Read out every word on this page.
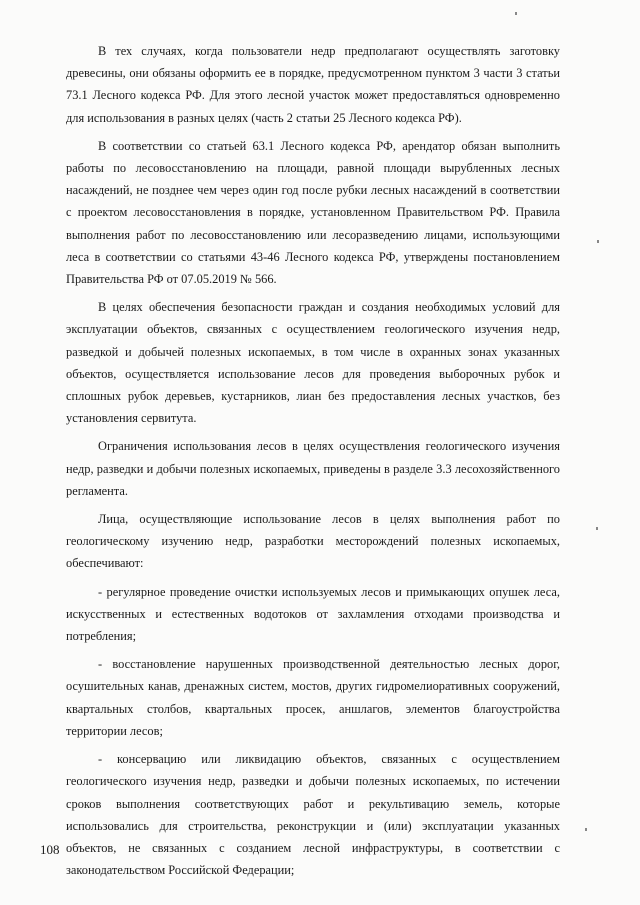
В тех случаях, когда пользователи недр предполагают осуществлять заготовку древесины, они обязаны оформить ее в порядке, предусмотренном пунктом 3 части 3 статьи 73.1 Лесного кодекса РФ. Для этого лесной участок может предоставляться одновременно для использования в разных целях (часть 2 статьи 25 Лесного кодекса РФ).

В соответствии со статьей 63.1 Лесного кодекса РФ, арендатор обязан выполнить работы по лесовосстановлению на площади, равной площади вырубленных лесных насаждений, не позднее чем через один год после рубки лесных насаждений в соответствии с проектом лесовосстановления в порядке, установленном Правительством РФ. Правила выполнения работ по лесовосстановлению или лесоразведению лицами, использующими леса в соответствии со статьями 43-46 Лесного кодекса РФ, утверждены постановлением Правительства РФ от 07.05.2019 № 566.

В целях обеспечения безопасности граждан и создания необходимых условий для эксплуатации объектов, связанных с осуществлением геологического изучения недр, разведкой и добычей полезных ископаемых, в том числе в охранных зонах указанных объектов, осуществляется использование лесов для проведения выборочных рубок и сплошных рубок деревьев, кустарников, лиан без предоставления лесных участков, без установления сервитута.

Ограничения использования лесов в целях осуществления геологического изучения недр, разведки и добычи полезных ископаемых, приведены в разделе 3.3 лесохозяйственного регламента.

Лица, осуществляющие использование лесов в целях выполнения работ по геологическому изучению недр, разработки месторождений полезных ископаемых, обеспечивают:

- регулярное проведение очистки используемых лесов и примыкающих опушек леса, искусственных и естественных водотоков от захламления отходами производства и потребления;

- восстановление нарушенных производственной деятельностью лесных дорог, осушительных канав, дренажных систем, мостов, других гидромелиоративных сооружений, квартальных столбов, квартальных просек, аншлагов, элементов благоустройства территории лесов;

- консервацию или ликвидацию объектов, связанных с осуществлением геологического изучения недр, разведки и добычи полезных ископаемых, по истечении сроков выполнения соответствующих работ и рекультивацию земель, которые использовались для строительства, реконструкции и (или) эксплуатации указанных объектов, не связанных с созданием лесной инфраструктуры, в соответствии с законодательством Российской Федерации;

108
